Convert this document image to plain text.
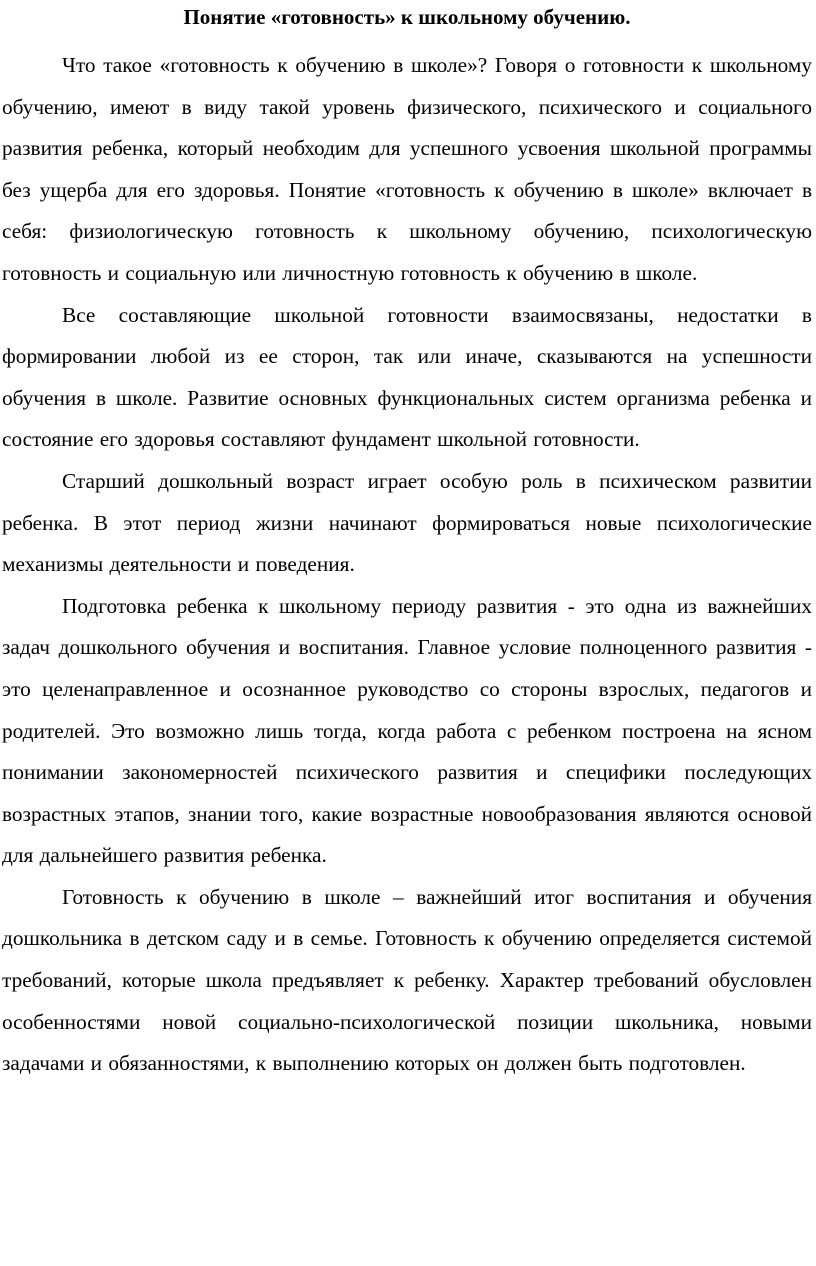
Понятие «готовность» к школьному обучению.

Что такое «готовность к обучению в школе»? Говоря о готовности к школьному обучению, имеют в виду такой уровень физического, психического и социального развития ребенка, который необходим для успешного усвоения школьной программы без ущерба для его здоровья. Понятие «готовность к обучению в школе» включает в себя: физиологическую готовность к школьному обучению, психологическую готовность и социальную или личностную готовность к обучению в школе.

Все составляющие школьной готовности взаимосвязаны, недостатки в формировании любой из ее сторон, так или иначе, сказываются на успешности обучения в школе. Развитие основных функциональных систем организма ребенка и состояние его здоровья составляют фундамент школьной готовности.

Старший дошкольный возраст играет особую роль в психическом развитии ребенка. В этот период жизни начинают формироваться новые психологические механизмы деятельности и поведения.

Подготовка ребенка к школьному периоду развития - это одна из важнейших задач дошкольного обучения и воспитания. Главное условие полноценного развития - это целенаправленное и осознанное руководство со стороны взрослых, педагогов и родителей. Это возможно лишь тогда, когда работа с ребенком построена на ясном понимании закономерностей психического развития и специфики последующих возрастных этапов, знании того, какие возрастные новообразования являются основой для дальнейшего развития ребенка.

Готовность к обучению в школе – важнейший итог воспитания и обучения дошкольника в детском саду и в семье. Готовность к обучению определяется системой требований, которые школа предъявляет к ребенку. Характер требований обусловлен особенностями новой социально-психологической позиции школьника, новыми задачами и обязанностями, к выполнению которых он должен быть подготовлен.
